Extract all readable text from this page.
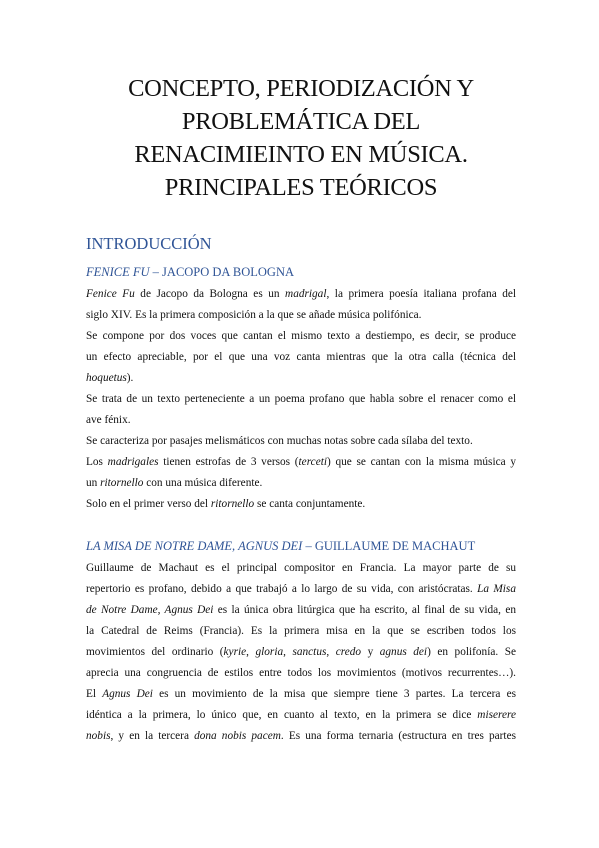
CONCEPTO, PERIODIZACIÓN Y
PROBLEMÁTICA DEL
RENACIMIEINTO EN MÚSICA.
PRINCIPALES TEÓRICOS
INTRODUCCIÓN
FENICE FU – JACOPO DA BOLOGNA

Fenice Fu de Jacopo da Bologna es un madrigal, la primera poesía italiana profana del

siglo XIV. Es la primera composición a la que se añade música polifónica.

Se compone por dos voces que cantan el mismo texto a destiempo, es decir, se produce

un efecto apreciable, por el que una voz canta mientras que la otra calla (técnica del

hoquetus).

Se trata de un texto perteneciente a un poema profano que habla sobre el renacer como el

ave fénix.

Se caracteriza por pasajes melismáticos con muchas notas sobre cada sílaba del texto.

Los madrigales tienen estrofas de 3 versos (terceti) que se cantan con la misma música y

un ritornello con una música diferente.

Solo en el primer verso del ritornello se canta conjuntamente.

LA MISA DE NOTRE DAME, AGNUS DEI – GUILLAUME DE MACHAUT

Guillaume de Machaut es el principal compositor en Francia. La mayor parte de su

repertorio es profano, debido a que trabajó a lo largo de su vida, con aristócratas. La Misa

de Notre Dame, Agnus Dei es la única obra litúrgica que ha escrito, al final de su vida, en

la Catedral de Reims (Francia). Es la primera misa en la que se escriben todos los

movimientos del ordinario (kyrie, gloria, sanctus, credo y agnus dei) en polifonía. Se

aprecia una congruencia de estilos entre todos los movimientos (motivos recurrentes…).

El Agnus Dei es un movimiento de la misa que siempre tiene 3 partes. La tercera es

idéntica a la primera, lo único que, en cuanto al texto, en la primera se dice miserere

nobis, y en la tercera dona nobis pacem. Es una forma ternaria (estructura en tres partes
